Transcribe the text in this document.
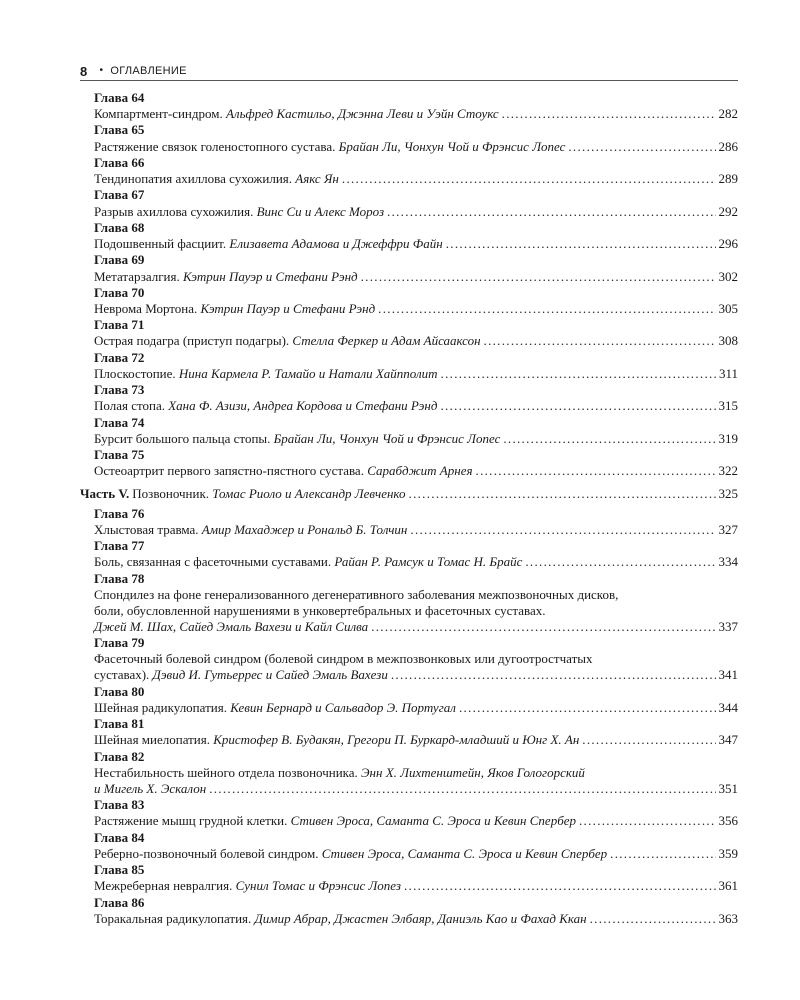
8 • ОГЛАВЛЕНИЕ
Глава 64
Компартмент-синдром. Альфред Кастильо, Джэнна Леви и Уэйн Стоукс .....	282
Глава 65
Растяжение связок голеностопного сустава. Брайан Ли, Чонхун Чой и Фрэнсис Лопес .....	286
Глава 66
Тендинопатия ахиллова сухожилия. Аякс Ян .....	289
Глава 67
Разрыв ахиллова сухожилия. Винс Си и Алекс Мороз .....	292
Глава 68
Подошвенный фасциит. Елизавета Адамова и Джеффри Файн .....	296
Глава 69
Метатарзалгия. Кэтрин Пауэр и Стефани Рэнд .....	302
Глава 70
Неврома Мортона. Кэтрин Пауэр и Стефани Рэнд .....	305
Глава 71
Острая подагра (приступ подагры). Стелла Феркер и Адам Айсааксон .....	308
Глава 72
Плоскостопие. Нина Кармела Р. Тамайо и Натали Хайпполит .....	311
Глава 73
Полая стопа. Хана Ф. Азизи, Андреа Кордова и Стефани Рэнд .....	315
Глава 74
Бурсит большого пальца стопы. Брайан Ли, Чонхун Чой и Фрэнсис Лопес .....	319
Глава 75
Остеоартрит первого запястно-пястного сустава. Сарабджит Арнея .....	322
Часть V. Позвоночник. Томас Риоло и Александр Левченко .....	325
Глава 76
Хлыстовая травма. Амир Махаджер и Рональд Б. Толчин .....	327
Глава 77
Боль, связанная с фасеточными суставами. Райан Р. Рамсук и Томас Н. Брайс .....	334
Глава 78
Спондилез на фоне генерализованного дегенеративного заболевания межпозвоночных дисков,
боли, обусловленной нарушениями в унковертебральных и фасеточных суставах.
Джей М. Шах, Сайед Эмаль Вахези и Кайл Силва .....	337
Глава 79
Фасеточный болевой синдром (болевой синдром в межпозвонковых или дугоотростчатых
суставах). Дэвид И. Гутьеррес и Сайед Эмаль Вахези .....	341
Глава 80
Шейная радикулопатия. Кевин Бернард и Сальвадор Э. Португал .....	344
Глава 81
Шейная миелопатия. Кристофер В. Будакян, Грегори П. Буркард-младший и Юнг Х. Ан .....	347
Глава 82
Нестабильность шейного отдела позвоночника. Энн Х. Лихтенштейн, Яков Гологорский
и Мигель Х. Эскалон .....	351
Глава 83
Растяжение мышц грудной клетки. Стивен Эроса, Саманта С. Эроса и Кевин Спербер .....	356
Глава 84
Реберно-позвоночный болевой синдром. Стивен Эроса, Саманта С. Эроса и Кевин Спербер .....	359
Глава 85
Межреберная невралгия. Сунил Томас и Фрэнсис Лопез .....	361
Глава 86
Торакальная радикулопатия. Димир Абрар, Джастен Элбаяр, Даниэль Као и Фахад Ккан .....	363
